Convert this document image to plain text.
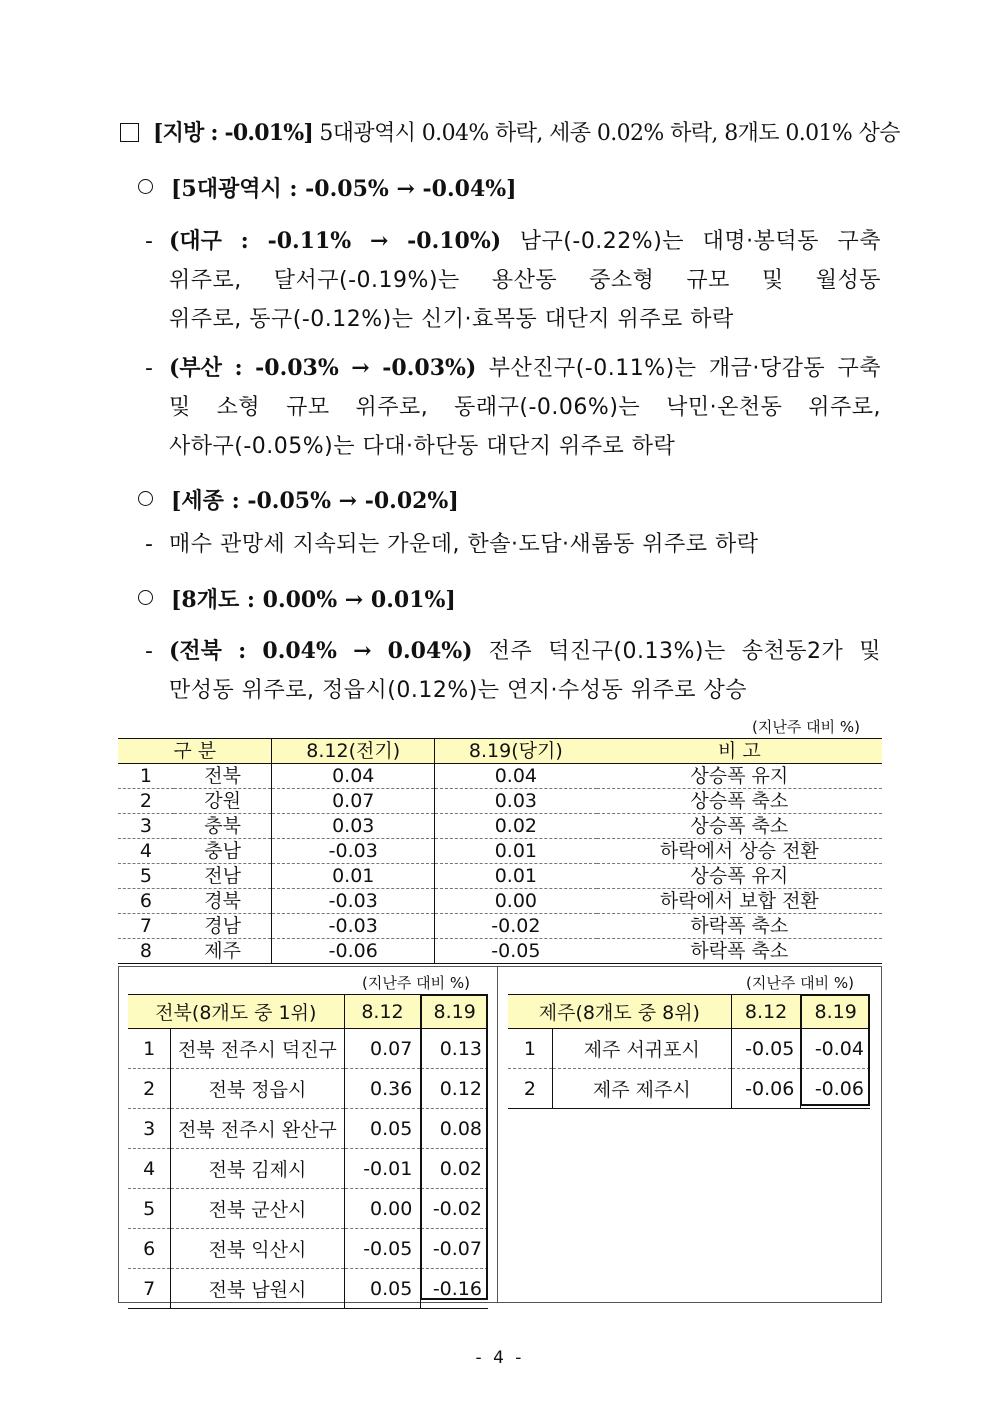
[지방 : -0.01%] 5대광역시 0.04% 하락, 세종 0.02% 하락, 8개도 0.01% 상승
[5대광역시 : -0.05% → -0.04%]
- (대구 : -0.11% → -0.10%) 남구(-0.22%)는 대명·봉덕동 구축
위주로, 달서구(-0.19%)는 용산동 중소형 규모 및 월성동
위주로, 동구(-0.12%)는 신기·효목동 대단지 위주로 하락
- (부산 : -0.03% → -0.03%) 부산진구(-0.11%)는 개금·당감동 구축
및 소형 규모 위주로, 동래구(-0.06%)는 낙민·온천동 위주로,
사하구(-0.05%)는 다대·하단동 대단지 위주로 하락
[세종 : -0.05% → -0.02%]
- 매수 관망세 지속되는 가운데, 한솔·도담·새롬동 위주로 하락
[8개도 : 0.00% → 0.01%]
- (전북 : 0.04% → 0.04%) 전주 덕진구(0.13%)는 송천동2가 및
만성동 위주로, 정읍시(0.12%)는 연지·수성동 위주로 상승
(지난주 대비 %)
구 분		8.12(전기)	8.19(당기)	비 고
1	전북	0.04	0.04	상승폭 유지
2	강원	0.07	0.03	상승폭 축소
3	충북	0.03	0.02	상승폭 축소
4	충남	-0.03	0.01	하락에서 상승 전환
5	전남	0.01	0.01	상승폭 유지
6	경북	-0.03	0.00	하락에서 보합 전환
7	경남	-0.03	-0.02	하락폭 축소
8	제주	-0.06	-0.05	하락폭 축소
(지난주 대비 %)	(지난주 대비 %)
전북(8개도 중 1위)		8.12	8.19
1	전북 전주시 덕진구	0.07	0.13
2	전북 정읍시	0.36	0.12
3	전북 전주시 완산구	0.05	0.08
4	전북 김제시	-0.01	0.02
5	전북 군산시	0.00	-0.02
6	전북 익산시	-0.05	-0.07
7	전북 남원시	0.05	-0.16
제주(8개도 중 8위)		8.12	8.19
1	제주 서귀포시	-0.05	-0.04
2	제주 제주시	-0.06	-0.06
- 4 -
